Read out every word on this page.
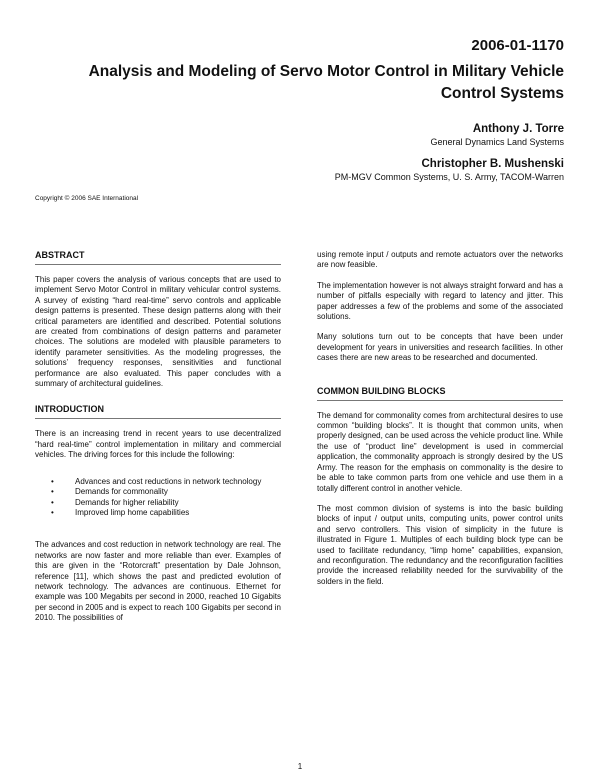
2006-01-1170
Analysis and Modeling of Servo Motor Control in Military Vehicle Control Systems
Anthony J. Torre
General Dynamics Land Systems
Christopher B. Mushenski
PM-MGV Common Systems, U. S. Army, TACOM-Warren
Copyright © 2006 SAE International
ABSTRACT

This paper covers the analysis of various concepts that are used to implement Servo Motor Control in military vehicular control systems. A survey of existing “hard real-time” servo controls and applicable design patterns is presented. These design patterns along with their critical parameters are identified and described. Potential solutions are created from combinations of design patterns and parameter choices. The solutions are modeled with plausible parameters to identify parameter sensitivities. As the modeling progresses, the solutions’ frequency responses, sensitivities and functional performance are also evaluated. This paper concludes with a summary of architectural guidelines.

INTRODUCTION

There is an increasing trend in recent years to use decentralized “hard real-time” control implementation in military and commercial vehicles. The driving forces for this include the following:

• Advances and cost reductions in network technology
• Demands for commonality
• Demands for higher reliability
• Improved limp home capabilities

The advances and cost reduction in network technology are real. The networks are now faster and more reliable than ever. Examples of this are given in the “Rotorcraft” presentation by Dale Johnson, reference [11], which shows the past and predicted evolution of network technology. The advances are continuous. Ethernet for example was 100 Megabits per second in 2000, reached 10 Gigabits per second in 2005 and is expect to reach 100 Gigabits per second in 2010. The possibilities of

using remote input / outputs and remote actuators over the networks are now feasible.

The implementation however is not always straight forward and has a number of pitfalls especially with regard to latency and jitter. This paper addresses a few of the problems and some of the associated solutions.

Many solutions turn out to be concepts that have been under development for years in universities and research facilities. In other cases there are new areas to be researched and documented.

COMMON BUILDING BLOCKS

The demand for commonality comes from architectural desires to use common “building blocks”. It is thought that common units, when properly designed, can be used across the vehicle product line. While the use of “product line” development is used in commercial application, the commonality approach is strongly desired by the US Army. The reason for the emphasis on commonality is the desire to be able to take common parts from one vehicle and use them in a totally different control in another vehicle.

The most common division of systems is into the basic building blocks of input / output units, computing units, power control units and servo controllers. This vision of simplicity in the future is illustrated in Figure 1. Multiples of each building block type can be used to facilitate redundancy, “limp home” capabilities, expansion, and reconfiguration. The redundancy and the reconfiguration facilities provide the increased reliability needed for the survivability of the solders in the field.

1
